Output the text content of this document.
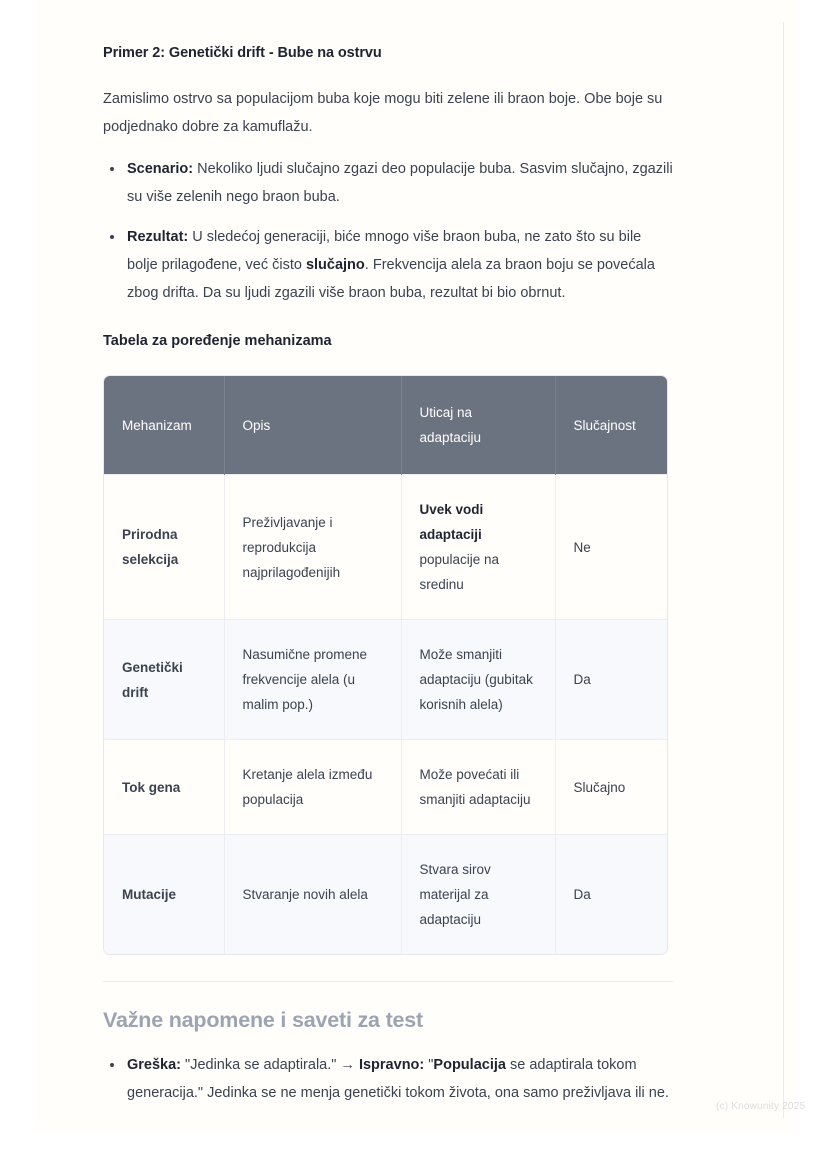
Primer 2: Genetički drift - Bube na ostrvu

Zamislimo ostrvo sa populacijom buba koje mogu biti zelene ili braon boje. Obe boje su podjednako dobre za kamuflažu.

Scenario: Nekoliko ljudi slučajno zgazi deo populacije buba. Sasvim slučajno, zgazili su više zelenih nego braon buba.
Rezultat: U sledećoj generaciji, biće mnogo više braon buba, ne zato što su bile bolje prilagođene, već čisto slučajno. Frekvencija alela za braon boju se povećala zbog drifta. Da su ljudi zgazili više braon buba, rezultat bi bio obrnut.
Tabela za poređenje mehanizama
Mehanizam	Opis	Uticaj na adaptaciju	Slučajnost
Prirodna selekcija	Preživljavanje i reprodukcija najprilagođenijih	Uvek vodi adaptaciji populacije na sredinu	Ne
Genetički drift	Nasumične promene frekvencije alela (u malim pop.)	Može smanjiti adaptaciju (gubitak korisnih alela)	Da
Tok gena	Kretanje alela između populacija	Može povećati ili smanjiti adaptaciju	Slučajno
Mutacije	Stvaranje novih alela	Stvara sirov materijal za adaptaciju	Da
Važne napomene i saveti za test
Greška: "Jedinka se adaptirala." → Ispravno: "Populacija se adaptirala tokom generacija." Jedinka se ne menja genetički tokom života, ona samo preživljava ili ne.
(c) Knowunity 2025
